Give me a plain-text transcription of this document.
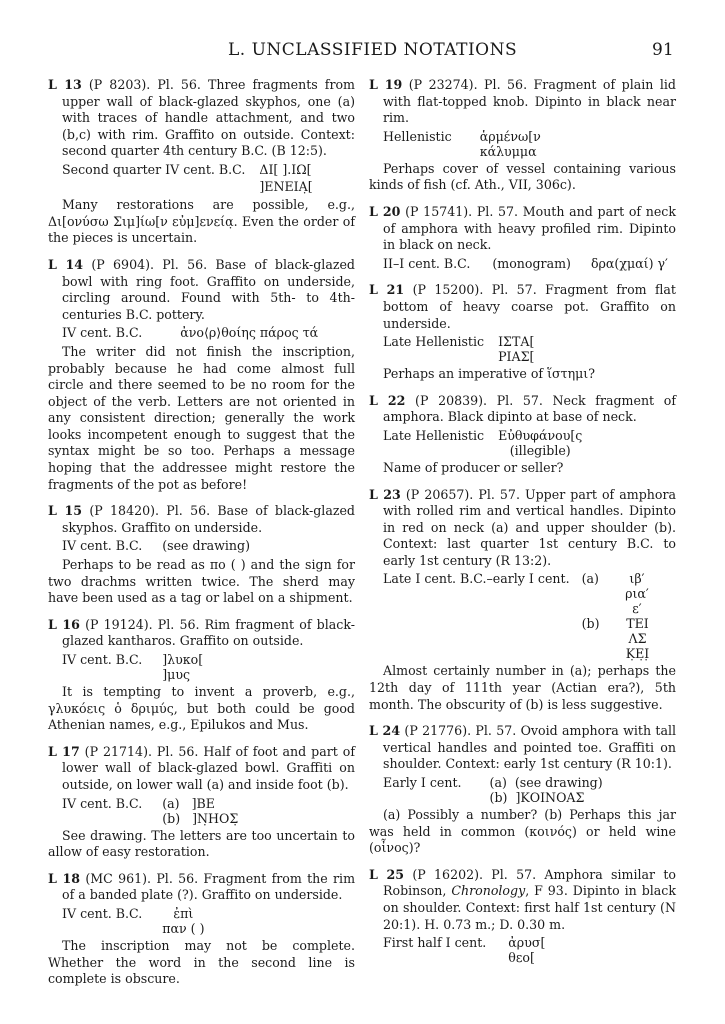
L. UNCLASSIFIED NOTATIONS	91

L 13 (P 8203). Pl. 56. Three fragments from upper wall of black-glazed skyphos, one (a) with traces of handle attachment, and two (b,c) with rim. Graffito on outside. Context: second quarter 4th century B.C. (B 12:5).

Second quarter IV cent. B.C. ΔΙ[ ].ΙΩ[ ]ΕΝΕΙΑ̣[

Many restorations are possible, e.g., Δι[ονύσω Σιμ]ίω[ν εὐμ]ενεία̣. Even the order of the pieces is uncertain.

L 14 (P 6904). Pl. 56. Base of black-glazed bowl with ring foot. Graffito on underside, circling around. Found with 5th- to 4th-centuries B.C. pottery.

IV cent. B.C.	ἀνο⟨ρ⟩θοίης πάρος τά

The writer did not finish the inscription, probably because he had come almost full circle and there seemed to be no room for the object of the verb. Letters are not oriented in any consistent direction; generally the work looks incompetent enough to suggest that the syntax might be so too. Perhaps a message hoping that the addressee might restore the fragments of the pot as before!

L 15 (P 18420). Pl. 56. Base of black-glazed skyphos. Graffito on underside.

IV cent. B.C. (see drawing)

Perhaps to be read as πο ( ) and the sign for two drachms written twice. The sherd may have been used as a tag or label on a shipment.

L 16 (P 19124). Pl. 56. Rim fragment of black-glazed kantharos. Graffito on outside.

IV cent. B.C. ]λυκο[
]μυς

It is tempting to invent a proverb, e.g., γλυκόεις ὁ δριμύς, but both could be good Athenian names, e.g., Epilukos and Mus.

L 17 (P 21714). Pl. 56. Half of foot and part of lower wall of black-glazed bowl. Graffiti on outside, on lower wall (a) and inside foot (b).

IV cent. B.C. (a) ]ΒΕ
(b) ]Ν̣ΗΟΣ̣

See drawing. The letters are too uncertain to allow of easy restoration.

L 18 (MC 961). Pl. 56. Fragment from the rim of a banded plate (?). Graffito on underside.

IV cent. B.C.	ἐπὶ
παν ( )

The inscription may not be complete. Whether the word in the second line is complete is obscure.

L 19 (P 23274). Pl. 56. Fragment of plain lid with flat-topped knob. Dipinto in black near rim.

Hellenistic ἁρμένω[ν
κάλυμμα

Perhaps cover of vessel containing various kinds of fish (cf. Ath., VII, 306c).

L 20 (P 15741). Pl. 57. Mouth and part of neck of amphora with heavy profiled rim. Dipinto in black on neck.

II–I cent. B.C. (monogram) δρα(χμαί) γ′

L 21 (P 15200). Pl. 57. Fragment from flat bottom of heavy coarse pot. Graffito on underside.

Late Hellenistic ΙΣΤΑ[
ΡΙΑΣ[

Perhaps an imperative of ἵστημι?

L 22 (P 20839). Pl. 57. Neck fragment of amphora. Black dipinto at base of neck.

Late Hellenistic Εὐθυφάνου[ς
(illegible)

Name of producer or seller?

L 23 (P 20657). Pl. 57. Upper part of amphora with rolled rim and vertical handles. Dipinto in red on neck (a) and upper shoulder (b). Context: last quarter 1st century B.C. to early 1st century (R 13:2).

Late I cent. B.C.–early I cent. (a)	ιβ′
ρια′
ε′
(b)	ΤΕΙ
ΛΣ
Κ̣Ε̣Ι̣

Almost certainly number in (a); perhaps the 12th day of 111th year (Actian era?), 5th month. The obscurity of (b) is less suggestive.

L 24 (P 21776). Pl. 57. Ovoid amphora with tall vertical handles and pointed toe. Graffiti on shoulder. Context: early 1st century (R 10:1).

Early I cent. (a) (see drawing)
(b) ]ΚΟΙΝΟΑΣ

(a) Possibly a number? (b) Perhaps this jar was held in common (κοινός) or held wine (οἶνος)?

L 25 (P 16202). Pl. 57. Amphora similar to Robinson, Chronology, F 93. Dipinto in black on shoulder. Context: first half 1st century (N 20:1). H. 0.73 m.; D. 0.30 m.

First half I cent. ἀρυσ[
θεο[
